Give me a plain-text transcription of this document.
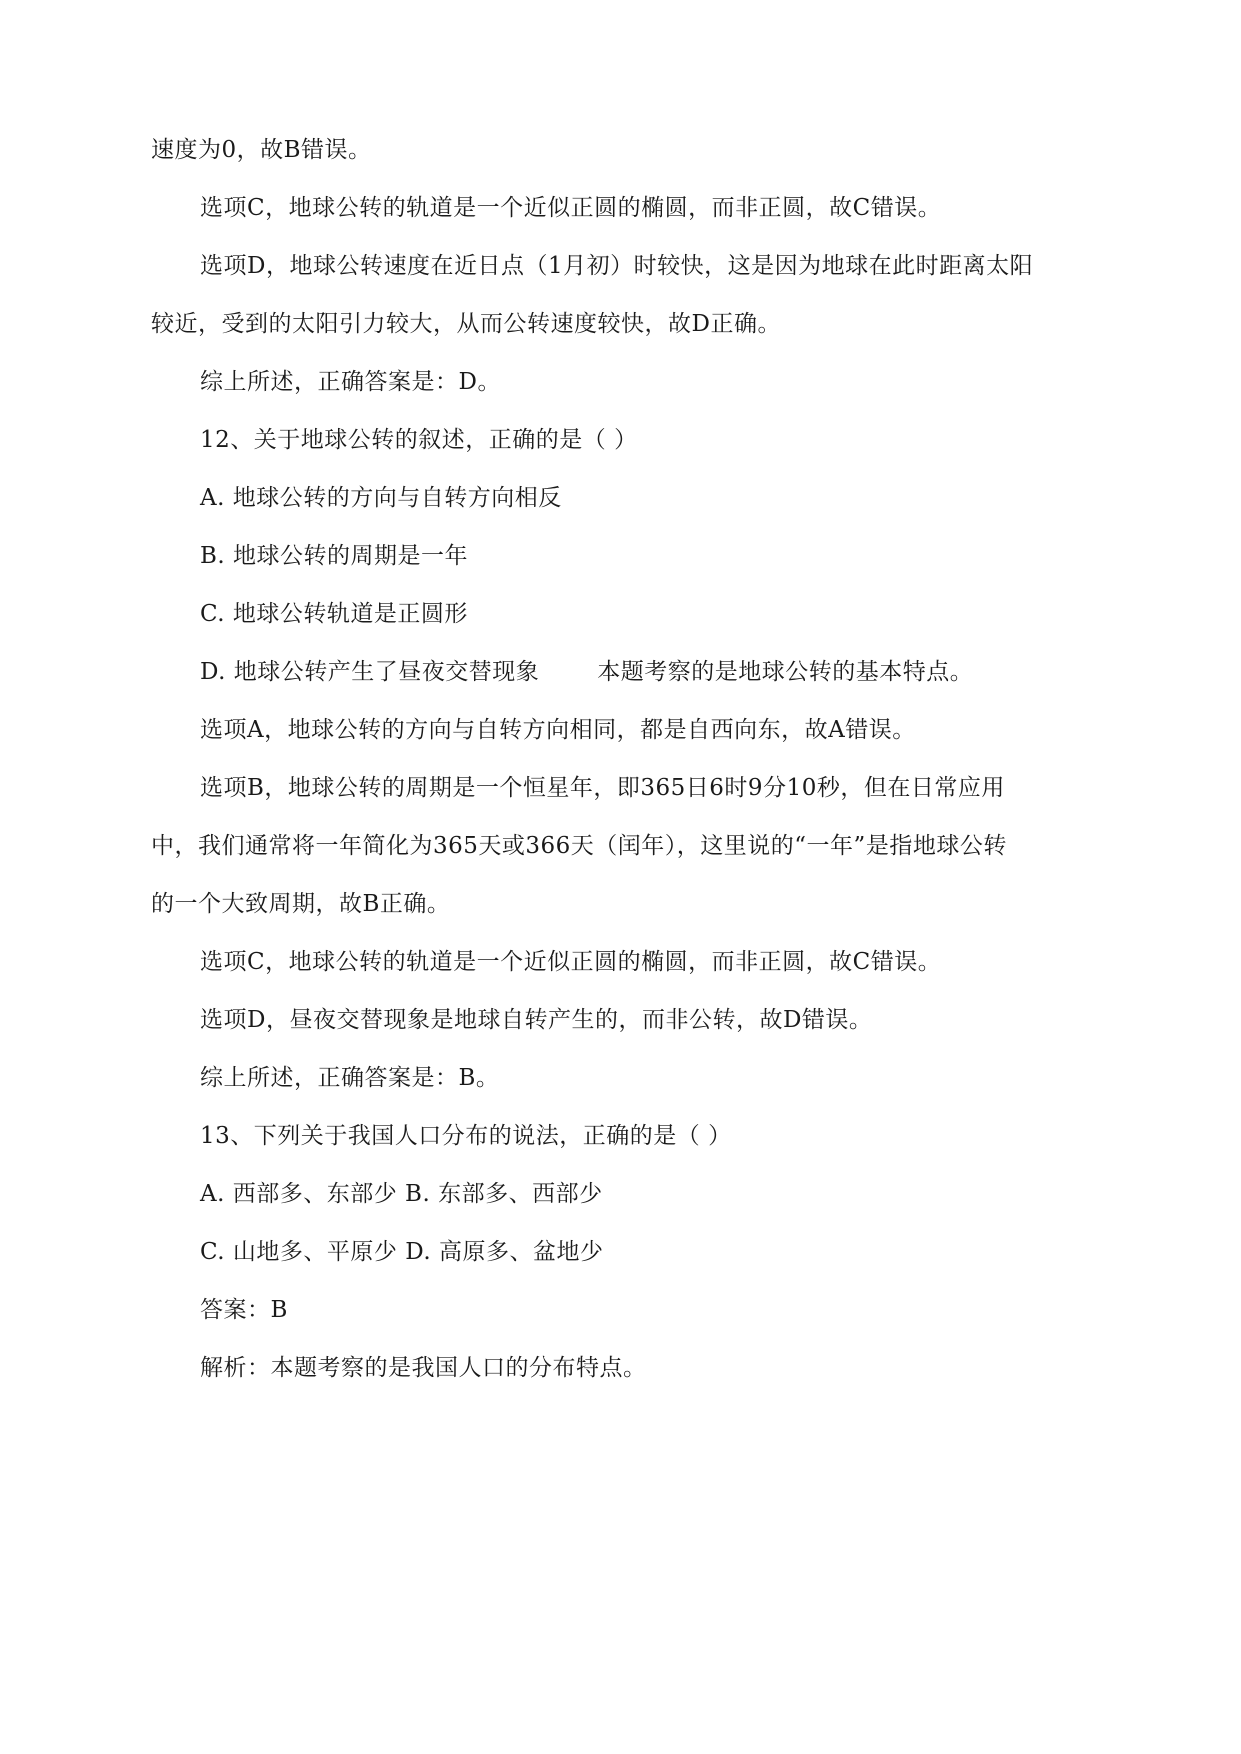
速度为0，故B错误。
选项C，地球公转的轨道是一个近似正圆的椭圆，而非正圆，故C错误。
选项D，地球公转速度在近日点（1月初）时较快，这是因为地球在此时距离太阳
较近，受到的太阳引力较大，从而公转速度较快，故D正确。
综上所述，正确答案是：D。
12、关于地球公转的叙述，正确的是（ ）
A. 地球公转的方向与自转方向相反
B. 地球公转的周期是一年
C. 地球公转轨道是正圆形
D. 地球公转产生了昼夜交替现象	本题考察的是地球公转的基本特点。
选项A，地球公转的方向与自转方向相同，都是自西向东，故A错误。
选项B，地球公转的周期是一个恒星年，即365日6时9分10秒，但在日常应用
中，我们通常将一年简化为365天或366天（闰年），这里说的“一年”是指地球公转
的一个大致周期，故B正确。
选项C，地球公转的轨道是一个近似正圆的椭圆，而非正圆，故C错误。
选项D，昼夜交替现象是地球自转产生的，而非公转，故D错误。
综上所述，正确答案是：B。
13、下列关于我国人口分布的说法，正确的是（ ）
A. 西部多、东部少 B. 东部多、西部少
C. 山地多、平原少 D. 高原多、盆地少
答案：B
解析：本题考察的是我国人口的分布特点。
